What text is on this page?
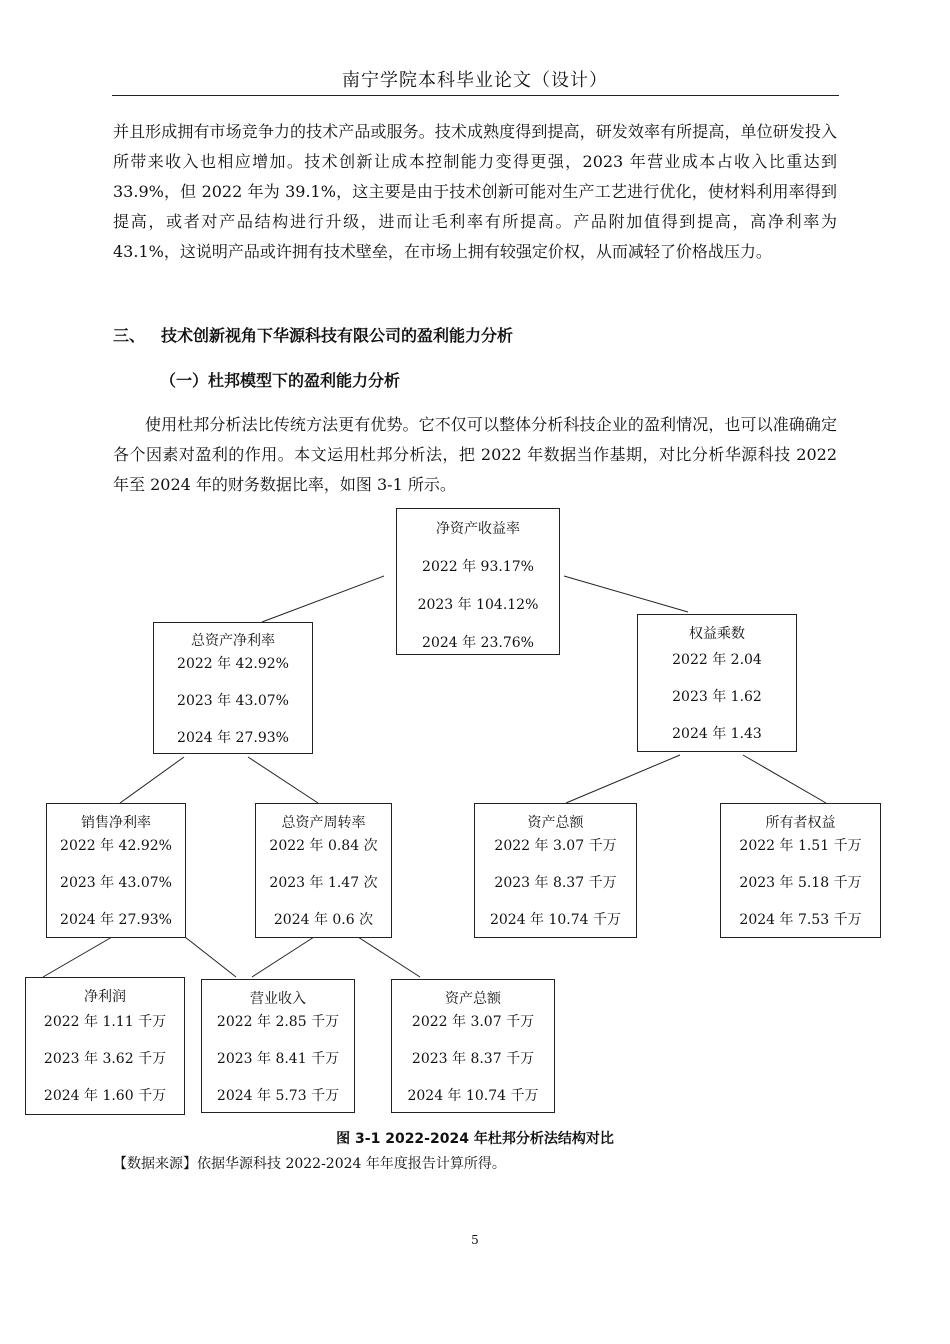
南宁学院本科毕业论文（设计）
并且形成拥有市场竞争力的技术产品或服务。技术成熟度得到提高，研发效率有所提高，单位研发投入所带来收入也相应增加。技术创新让成本控制能力变得更强，2023 年营业成本占收入比重达到 33.9%，但 2022 年为 39.1%，这主要是由于技术创新可能对生产工艺进行优化，使材料利用率得到提高，或者对产品结构进行升级，进而让毛利率有所提高。产品附加值得到提高，高净利率为 43.1%，这说明产品或许拥有技术壁垒，在市场上拥有较强定价权，从而减轻了价格战压力。
三、 技术创新视角下华源科技有限公司的盈利能力分析
（一）杜邦模型下的盈利能力分析
使用杜邦分析法比传统方法更有优势。它不仅可以整体分析科技企业的盈利情况，也可以准确确定各个因素对盈利的作用。本文运用杜邦分析法，把 2022 年数据当作基期，对比分析华源科技 2022 年至 2024 年的财务数据比率，如图 3-1 所示。
净资产收益率
2022 年 93.17%
2023 年 104.12%
2024 年 23.76%
总资产净利率
2022 年 42.92%
2023 年 43.07%
2024 年 27.93%
权益乘数
2022 年 2.04
2023 年 1.62
2024 年 1.43
销售净利率
2022 年 42.92%
2023 年 43.07%
2024 年 27.93%
总资产周转率
2022 年 0.84 次
2023 年 1.47 次
2024 年 0.6 次
资产总额
2022 年 3.07 千万
2023 年 8.37 千万
2024 年 10.74 千万
所有者权益
2022 年 1.51 千万
2023 年 5.18 千万
2024 年 7.53 千万
净利润
2022 年 1.11 千万
2023 年 3.62 千万
2024 年 1.60 千万
营业收入
2022 年 2.85 千万
2023 年 8.41 千万
2024 年 5.73 千万
资产总额
2022 年 3.07 千万
2023 年 8.37 千万
2024 年 10.74 千万
图 3-1 2022-2024 年杜邦分析法结构对比
【数据来源】依据华源科技 2022-2024 年年度报告计算所得。
5
